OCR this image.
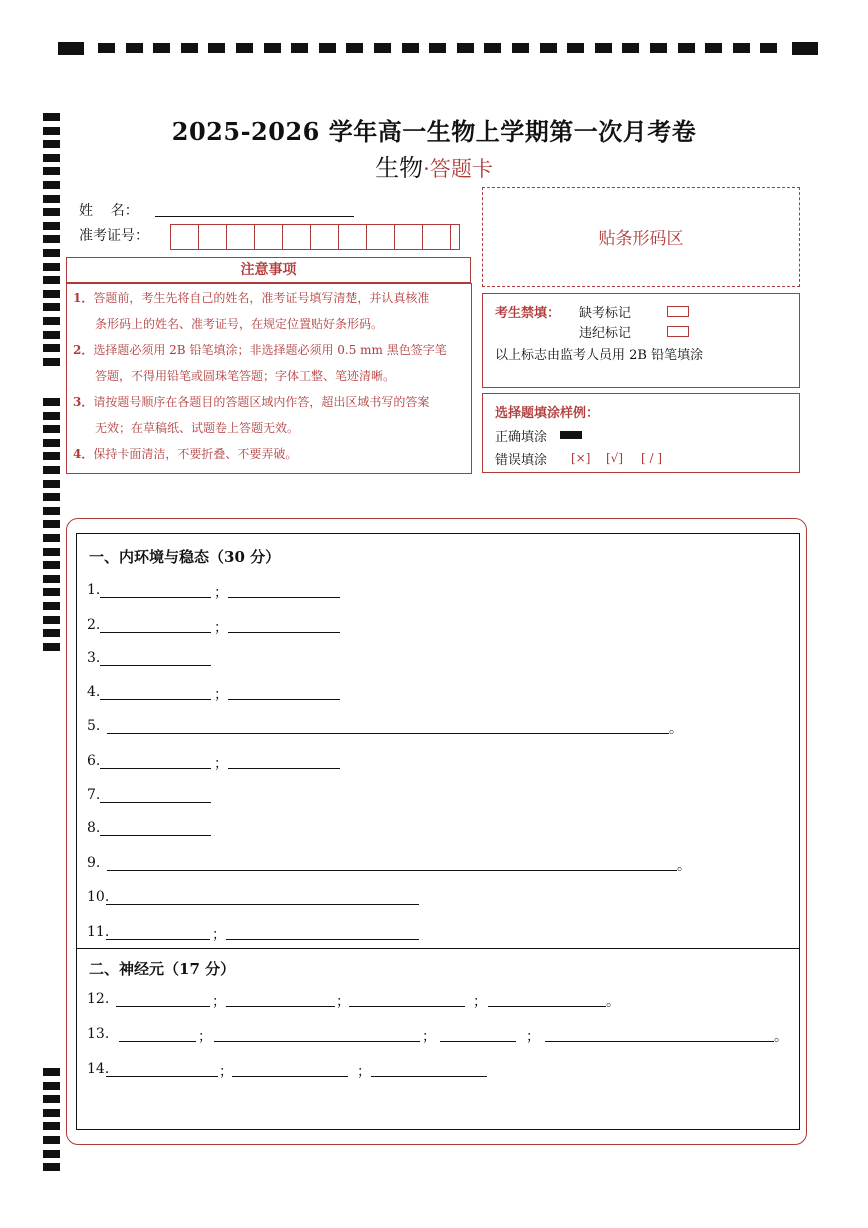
2025-2026 学年高一生物上学期第一次月考卷
生物·答题卡
姓    名：
准考证号：	贴条形码区
注意事项

1．答题前，考生先将自己的姓名，准考证号填写清楚，并认真核准

条形码上的姓名、准考证号，在规定位置贴好条形码。

2．选择题必须用 2B 铅笔填涂；非选择题必须用 0.5 mm 黑色签字笔

答题，不得用铅笔或圆珠笔答题；字体工整、笔迹清晰。

3．请按题号顺序在各题目的答题区域内作答，超出区域书写的答案

无效；在草稿纸、试题卷上答题无效。

4．保持卡面清洁，不要折叠、不要弄破。

考生禁填： 缺考标记
违纪标记
以上标志由监考人员用 2B 铅笔填涂
选择题填涂样例：
正确填涂
错误填涂 [×] [√] [ / ]
一、内环境与稳态（30 分）
1.	；
2.	；
3.
4.	；
5.	。
6.	；
7.
8.
9.	。
10.
11.	；
二、神经元（17 分）
12.	；	；	；	。
13.	；	；	；	。
14.	；	；
